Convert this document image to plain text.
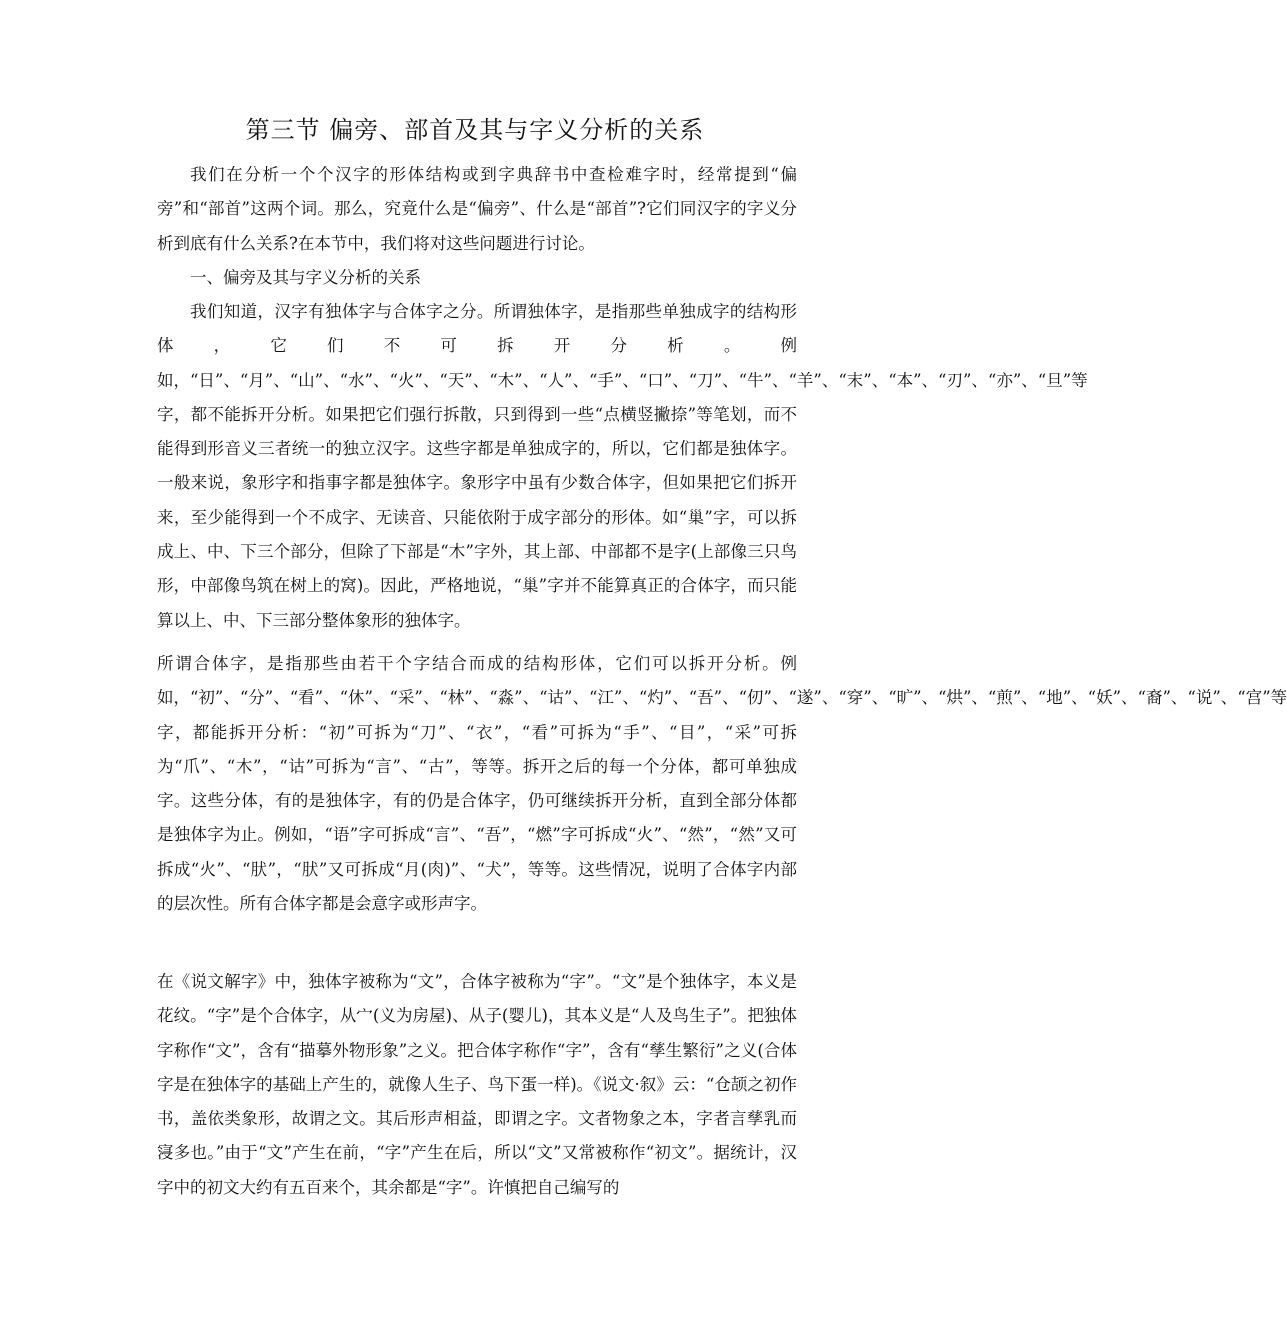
第三节 偏旁、部首及其与字义分析的关系

我们在分析一个个汉字的形体结构或到字典辞书中查检难字时，经常提到“偏旁”和“部首”这两个词。那么，究竟什么是“偏旁”、什么是“部首”?它们同汉字的字义分析到底有什么关系?在本节中，我们将对这些问题进行讨论。

一、偏旁及其与字义分析的关系

我们知道，汉字有独体字与合体字之分。所谓独体字，是指那些单独成字的结构形体，它们不可拆开分析。例如，“日”、“月”、“山”、“水”、“火”、“天”、“木”、“人”、“手”、“口”、“刀”、“牛”、“羊”、“末”、“本”、“刃”、“亦”、“旦”等字，都不能拆开分析。如果把它们强行拆散，只到得到一些“点横竖撇捺”等笔划，而不能得到形音义三者统一的独立汉字。这些字都是单独成字的，所以，它们都是独体字。一般来说，象形字和指事字都是独体字。象形字中虽有少数合体字，但如果把它们拆开来，至少能得到一个不成字、无读音、只能依附于成字部分的形体。如“巢”字，可以拆成上、中、下三个部分，但除了下部是“木”字外，其上部、中部都不是字(上部像三只鸟形，中部像鸟筑在树上的窝)。因此，严格地说，“巢”字并不能算真正的合体字，而只能算以上、中、下三部分整体象形的独体字。

所谓合体字，是指那些由若干个字结合而成的结构形体，它们可以拆开分析。例如，“初”、“分”、“看”、“休”、“采”、“林”、“淼”、“诂”、“江”、“灼”、“吾”、“仞”、“遂”、“穿”、“旷”、“烘”、“煎”、“地”、“妖”、“裔”、“说”、“宫”等字，都能拆开分析：“初”可拆为“刀”、“衣”，“看”可拆为“手”、“目”，“采”可拆为“爪”、“木”，“诂”可拆为“言”、“古”，等等。拆开之后的每一个分体，都可单独成字。这些分体，有的是独体字，有的仍是合体字，仍可继续拆开分析，直到全部分体都是独体字为止。例如，“语”字可拆成“言”、“吾”，“燃”字可拆成“火”、“然”，“然”又可拆成“火”、“肰”，“肰”又可拆成“月(肉)”、“犬”，等等。这些情况，说明了合体字内部的层次性。所有合体字都是会意字或形声字。

在《说文解字》中，独体字被称为“文”，合体字被称为“字”。“文”是个独体字，本义是花纹。“字”是个合体字，从宀(义为房屋)、从子(婴儿)，其本义是“人及鸟生子”。把独体字称作“文”，含有“描摹外物形象”之义。把合体字称作“字”，含有“孳生繁衍”之义(合体字是在独体字的基础上产生的，就像人生子、鸟下蛋一样)。《说文·叙》云：“仓颉之初作书，盖依类象形，故谓之文。其后形声相益，即谓之字。文者物象之本，字者言孳乳而寖多也。”由于“文”产生在前，“字”产生在后，所以“文”又常被称作“初文”。据统计，汉字中的初文大约有五百来个，其余都是“字”。许慎把自己编写的
